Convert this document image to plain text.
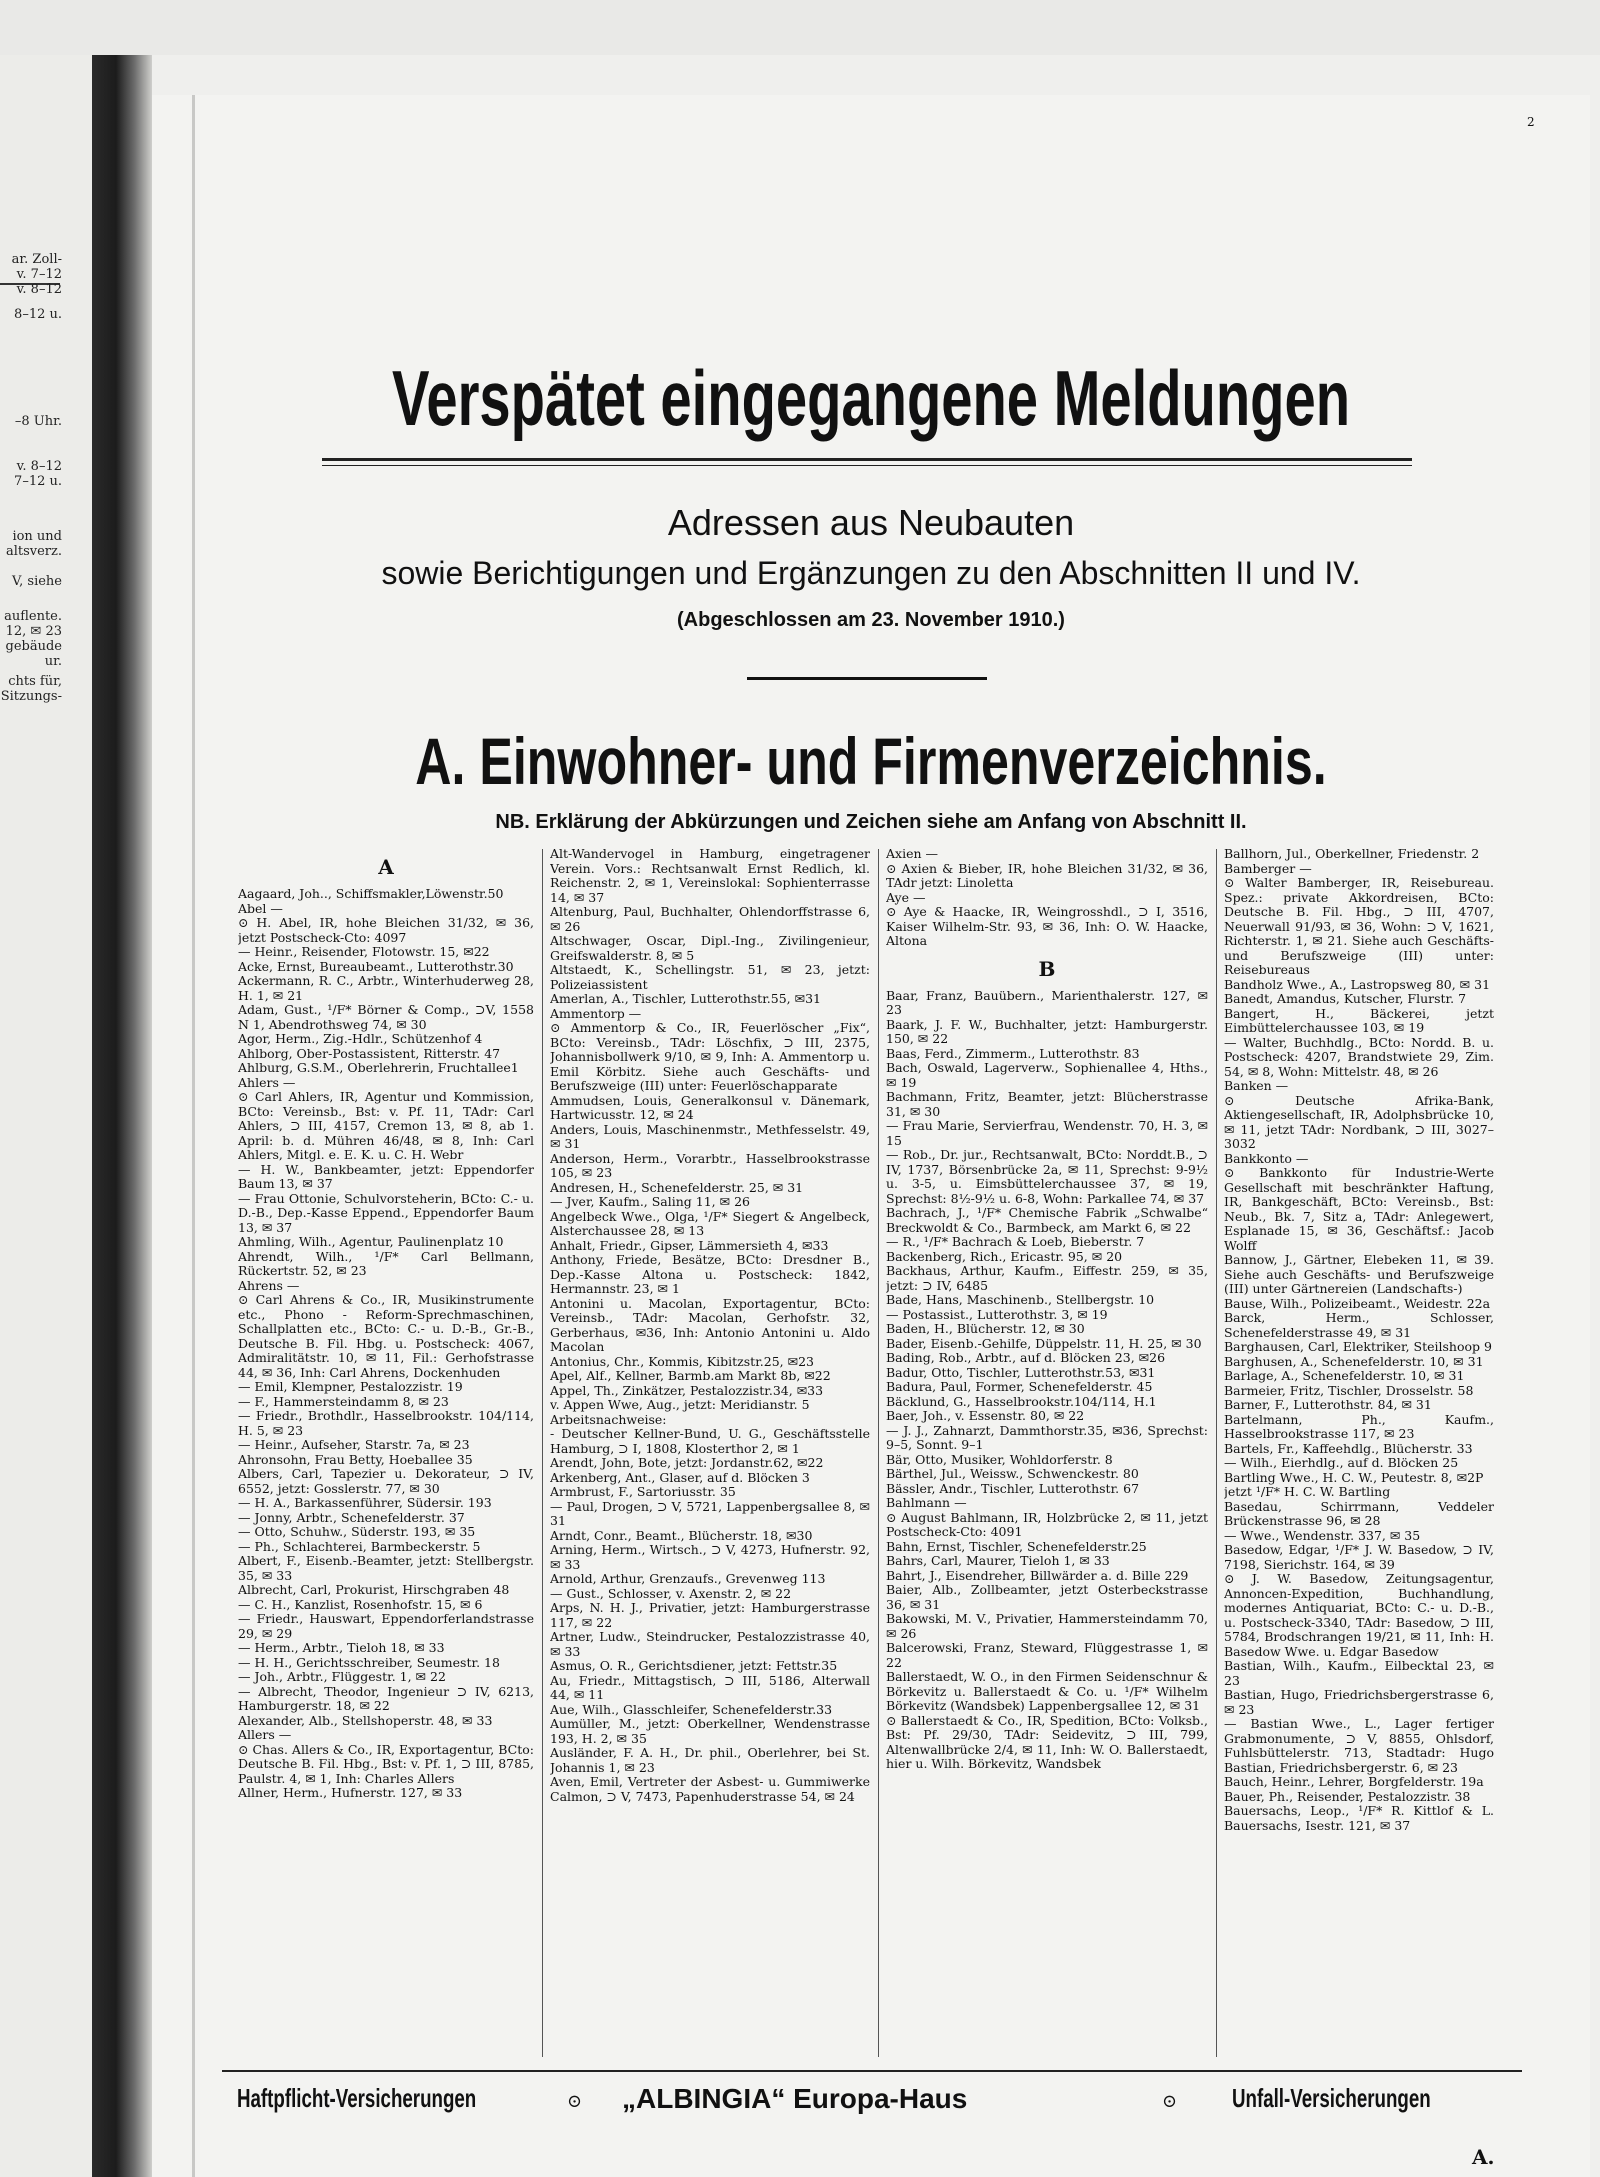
ar. Zoll-
v. 7–12
v. 8–12
8–12 u.
–8 Uhr.
v. 8–12
7–12 u.
ion und
altsverz.
V, siehe
auflente.
12, ✉ 23
gebäude
ur.
chts für,
Sitzungs-
2
Verspätet eingegangene Meldungen
Adressen aus Neubauten
sowie Berichtigungen und Ergänzungen zu den Abschnitten II und IV.
(Abgeschlossen am 23. November 1910.)
A. Einwohner- und Firmenverzeichnis.
NB. Erklärung der Abkürzungen und Zeichen siehe am Anfang von Abschnitt II.
A

Aagaard, Joh.., Schiffsmakler,Löwenstr.50

Abel —

⊙ H. Abel, IR, hohe Bleichen 31/32, ✉ 36, jetzt Postscheck-Cto: 4097

— Heinr., Reisender, Flotowstr. 15, ✉22

Acke, Ernst, Bureaubeamt., Lutterothstr.30

Ackermann, R. C., Arbtr., Winterhuderweg 28, H. 1, ✉ 21

Adam, Gust., ¹/F* Börner & Comp., ⊃V, 1558 N 1, Abendrothsweg 74, ✉ 30

Agor, Herm., Zig.-Hdlr., Schützenhof 4

Ahlborg, Ober-Postassistent, Ritterstr. 47

Ahlburg, G.S.M., Oberlehrerin, Fruchtallee1

Ahlers —

⊙ Carl Ahlers, IR, Agentur und Kommission, BCto: Vereinsb., Bst: v. Pf. 11, TAdr: Carl Ahlers, ⊃ III, 4157, Cremon 13, ✉ 8, ab 1. April: b. d. Mühren 46/48, ✉ 8, Inh: Carl Ahlers, Mitgl. e. E. K. u. C. H. Webr

— H. W., Bankbeamter, jetzt: Eppendorfer Baum 13, ✉ 37

— Frau Ottonie, Schulvorsteherin, BCto: C.- u. D.-B., Dep.-Kasse Eppend., Eppendorfer Baum 13, ✉ 37

Ahmling, Wilh., Agentur, Paulinenplatz 10

Ahrendt, Wilh., ¹/F* Carl Bellmann, Rückertstr. 52, ✉ 23

Ahrens —

⊙ Carl Ahrens & Co., IR, Musikinstrumente etc., Phono - Reform-Sprechmaschinen, Schallplatten etc., BCto: C.- u. D.-B., Gr.-B., Deutsche B. Fil. Hbg. u. Postscheck: 4067, Admiralitätstr. 10, ✉ 11, Fil.: Gerhofstrasse 44, ✉ 36, Inh: Carl Ahrens, Dockenhuden

— Emil, Klempner, Pestalozzistr. 19

— F., Hammersteindamm 8, ✉ 23

— Friedr., Brothdlr., Hasselbrookstr. 104/114, H. 5, ✉ 23

— Heinr., Aufseher, Starstr. 7a, ✉ 23

Ahronsohn, Frau Betty, Hoeballee 35

Albers, Carl, Tapezier u. Dekorateur, ⊃ IV, 6552, jetzt: Gosslerstr. 77, ✉ 30

— H. A., Barkassenführer, Südersir. 193

— Jonny, Arbtr., Schenefelderstr. 37

— Otto, Schuhw., Süderstr. 193, ✉ 35

— Ph., Schlachterei, Barmbeckerstr. 5

Albert, F., Eisenb.-Beamter, jetzt: Stellbergstr. 35, ✉ 33

Albrecht, Carl, Prokurist, Hirschgraben 48

— C. H., Kanzlist, Rosenhofstr. 15, ✉ 6

— Friedr., Hauswart, Eppendorferlandstrasse 29, ✉ 29

— Herm., Arbtr., Tieloh 18, ✉ 33

— H. H., Gerichtsschreiber, Seumestr. 18

— Joh., Arbtr., Flüggestr. 1, ✉ 22

— Albrecht, Theodor, Ingenieur ⊃ IV, 6213, Hamburgerstr. 18, ✉ 22

Alexander, Alb., Stellshoperstr. 48, ✉ 33

Allers —

⊙ Chas. Allers & Co., IR, Exportagentur, BCto: Deutsche B. Fil. Hbg., Bst: v. Pf. 1, ⊃ III, 8785, Paulstr. 4, ✉ 1, Inh: Charles Allers

Allner, Herm., Hufnerstr. 127, ✉ 33

Alt-Wandervogel in Hamburg, eingetragener Verein. Vors.: Rechtsanwalt Ernst Redlich, kl. Reichenstr. 2, ✉ 1, Vereinslokal: Sophienterrasse 14, ✉ 37

Altenburg, Paul, Buchhalter, Ohlendorffstrasse 6, ✉ 26

Altschwager, Oscar, Dipl.-Ing., Zivilingenieur, Greifswalderstr. 8, ✉ 5

Altstaedt, K., Schellingstr. 51, ✉ 23, jetzt: Polizeiassistent

Amerlan, A., Tischler, Lutterothstr.55, ✉31

Ammentorp —

⊙ Ammentorp & Co., IR, Feuerlöscher „Fix“, BCto: Vereinsb., TAdr: Löschfix, ⊃ III, 2375, Johannisbollwerk 9/10, ✉ 9, Inh: A. Ammentorp u. Emil Körbitz. Siehe auch Geschäfts- und Berufszweige (III) unter: Feuerlöschapparate

Ammudsen, Louis, Generalkonsul v. Dänemark, Hartwicusstr. 12, ✉ 24

Anders, Louis, Maschinenmstr., Methfesselstr. 49, ✉ 31

Anderson, Herm., Vorarbtr., Hasselbrookstrasse 105, ✉ 23

Andresen, H., Schenefelderstr. 25, ✉ 31

— Jver, Kaufm., Saling 11, ✉ 26

Angelbeck Wwe., Olga, ¹/F* Siegert & Angelbeck, Alsterchaussee 28, ✉ 13

Anhalt, Friedr., Gipser, Lämmersieth 4, ✉33

Anthony, Friede, Besätze, BCto: Dresdner B., Dep.-Kasse Altona u. Postscheck: 1842, Hermannstr. 23, ✉ 1

Antonini u. Macolan, Exportagentur, BCto: Vereinsb., TAdr: Macolan, Gerhofstr. 32, Gerberhaus, ✉36, Inh: Antonio Antonini u. Aldo Macolan

Antonius, Chr., Kommis, Kibitzstr.25, ✉23

Apel, Alf., Kellner, Barmb.am Markt 8b, ✉22

Appel, Th., Zinkätzer, Pestalozzistr.34, ✉33

v. Appen Wwe, Aug., jetzt: Meridianstr. 5

Arbeitsnachweise:

- Deutscher Kellner-Bund, U. G., Geschäftsstelle Hamburg, ⊃ I, 1808, Klosterthor 2, ✉ 1

Arendt, John, Bote, jetzt: Jordanstr.62, ✉22

Arkenberg, Ant., Glaser, auf d. Blöcken 3

Armbrust, F., Sartoriusstr. 35

— Paul, Drogen, ⊃ V, 5721, Lappenbergsallee 8, ✉ 31

Arndt, Conr., Beamt., Blücherstr. 18, ✉30

Arning, Herm., Wirtsch., ⊃ V, 4273, Hufnerstr. 92, ✉ 33

Arnold, Arthur, Grenzaufs., Grevenweg 113

— Gust., Schlosser, v. Axenstr. 2, ✉ 22

Arps, N. H. J., Privatier, jetzt: Hamburgerstrasse 117, ✉ 22

Artner, Ludw., Steindrucker, Pestalozzistrasse 40, ✉ 33

Asmus, O. R., Gerichtsdiener, jetzt: Fettstr.35

Au, Friedr., Mittagstisch, ⊃ III, 5186, Alterwall 44, ✉ 11

Aue, Wilh., Glasschleifer, Schenefelderstr.33

Aumüller, M., jetzt: Oberkellner, Wendenstrasse 193, H. 2, ✉ 35

Ausländer, F. A. H., Dr. phil., Oberlehrer, bei St. Johannis 1, ✉ 23

Aven, Emil, Vertreter der Asbest- u. Gummiwerke Calmon, ⊃ V, 7473, Papenhuderstrasse 54, ✉ 24

Axien —

⊙ Axien & Bieber, IR, hohe Bleichen 31/32, ✉ 36, TAdr jetzt: Linoletta

Aye —

⊙ Aye & Haacke, IR, Weingrosshdl., ⊃ I, 3516, Kaiser Wilhelm-Str. 93, ✉ 36, Inh: O. W. Haacke, Altona

B

Baar, Franz, Bauübern., Marienthalerstr. 127, ✉ 23

Baark, J. F. W., Buchhalter, jetzt: Hamburgerstr. 150, ✉ 22

Baas, Ferd., Zimmerm., Lutterothstr. 83

Bach, Oswald, Lagerverw., Sophienallee 4, Hths., ✉ 19

Bachmann, Fritz, Beamter, jetzt: Blücherstrasse 31, ✉ 30

— Frau Marie, Servierfrau, Wendenstr. 70, H. 3, ✉ 15

— Rob., Dr. jur., Rechtsanwalt, BCto: Norddt.B., ⊃ IV, 1737, Börsenbrücke 2a, ✉ 11, Sprechst: 9-9½ u. 3-5, u. Eimsbüttelerchaussee 37, ✉ 19, Sprechst: 8½-9½ u. 6-8, Wohn: Parkallee 74, ✉ 37

Bachrach, J., ¹/F* Chemische Fabrik „Schwalbe“ Breckwoldt & Co., Barmbeck, am Markt 6, ✉ 22

— R., ¹/F* Bachrach & Loeb, Bieberstr. 7

Backenberg, Rich., Ericastr. 95, ✉ 20

Backhaus, Arthur, Kaufm., Eiffestr. 259, ✉ 35, jetzt: ⊃ IV, 6485

Bade, Hans, Maschinenb., Stellbergstr. 10

— Postassist., Lutterothstr. 3, ✉ 19

Baden, H., Blücherstr. 12, ✉ 30

Bader, Eisenb.-Gehilfe, Düppelstr. 11, H. 25, ✉ 30

Bading, Rob., Arbtr., auf d. Blöcken 23, ✉26

Badur, Otto, Tischler, Lutterothstr.53, ✉31

Badura, Paul, Former, Schenefelderstr. 45

Bäcklund, G., Hasselbrookstr.104/114, H.1

Baer, Joh., v. Essenstr. 80, ✉ 22

— J. J., Zahnarzt, Dammthorstr.35, ✉36, Sprechst: 9–5, Sonnt. 9–1

Bär, Otto, Musiker, Wohldorferstr. 8

Bärthel, Jul., Weissw., Schwenckestr. 80

Bässler, Andr., Tischler, Lutterothstr. 67

Bahlmann —

⊙ August Bahlmann, IR, Holzbrücke 2, ✉ 11, jetzt Postscheck-Cto: 4091

Bahn, Ernst, Tischler, Schenefelderstr.25

Bahrs, Carl, Maurer, Tieloh 1, ✉ 33

Bahrt, J., Eisendreher, Billwärder a. d. Bille 229

Baier, Alb., Zollbeamter, jetzt Osterbeckstrasse 36, ✉ 31

Bakowski, M. V., Privatier, Hammersteindamm 70, ✉ 26

Balcerowski, Franz, Steward, Flüggestrasse 1, ✉ 22

Ballerstaedt, W. O., in den Firmen Seidenschnur & Börkevitz u. Ballerstaedt & Co. u. ¹/F* Wilhelm Börkevitz (Wandsbek) Lappenbergsallee 12, ✉ 31

⊙ Ballerstaedt & Co., IR, Spedition, BCto: Volksb., Bst: Pf. 29/30, TAdr: Seidevitz, ⊃ III, 799, Altenwallbrücke 2/4, ✉ 11, Inh: W. O. Ballerstaedt, hier u. Wilh. Börkevitz, Wandsbek

Ballhorn, Jul., Oberkellner, Friedenstr. 2

Bamberger —

⊙ Walter Bamberger, IR, Reisebureau. Spez.: private Akkordreisen, BCto: Deutsche B. Fil. Hbg., ⊃ III, 4707, Neuerwall 91/93, ✉ 36, Wohn: ⊃ V, 1621, Richterstr. 1, ✉ 21. Siehe auch Geschäfts- und Berufszweige (III) unter: Reisebureaus

Bandholz Wwe., A., Lastropsweg 80, ✉ 31

Banedt, Amandus, Kutscher, Flurstr. 7

Bangert, H., Bäckerei, jetzt Eimbüttelerchaussee 103, ✉ 19

— Walter, Buchhdlg., BCto: Nordd. B. u. Postscheck: 4207, Brandstwiete 29, Zim. 54, ✉ 8, Wohn: Mittelstr. 48, ✉ 26

Banken —

⊙ Deutsche Afrika-Bank, Aktiengesellschaft, IR, Adolphsbrücke 10, ✉ 11, jetzt TAdr: Nordbank, ⊃ III, 3027–3032

Bankkonto —

⊙ Bankkonto für Industrie-Werte Gesellschaft mit beschränkter Haftung, IR, Bankgeschäft, BCto: Vereinsb., Bst: Neub., Bk. 7, Sitz a, TAdr: Anlegewert, Esplanade 15, ✉ 36, Geschäftsf.: Jacob Wolff

Bannow, J., Gärtner, Elebeken 11, ✉ 39. Siehe auch Geschäfts- und Berufszweige (III) unter Gärtnereien (Landschafts-)

Bause, Wilh., Polizeibeamt., Weidestr. 22a

Barck, Herm., Schlosser, Schenefelderstrasse 49, ✉ 31

Barghausen, Carl, Elektriker, Steilshoop 9

Barghusen, A., Schenefelderstr. 10, ✉ 31

Barlage, A., Schenefelderstr. 10, ✉ 31

Barmeier, Fritz, Tischler, Drosselstr. 58

Barner, F., Lutterothstr. 84, ✉ 31

Bartelmann, Ph., Kaufm., Hasselbrookstrasse 117, ✉ 23

Bartels, Fr., Kaffeehdlg., Blücherstr. 33

— Wilh., Eierhdlg., auf d. Blöcken 25

Bartling Wwe., H. C. W., Peutestr. 8, ✉2P

jetzt ¹/F* H. C. W. Bartling

Basedau, Schirrmann, Veddeler Brückenstrasse 96, ✉ 28

— Wwe., Wendenstr. 337, ✉ 35

Basedow, Edgar, ¹/F* J. W. Basedow, ⊃ IV, 7198, Sierichstr. 164, ✉ 39

⊙ J. W. Basedow, Zeitungsagentur, Annoncen-Expedition, Buchhandlung, modernes Antiquariat, BCto: C.- u. D.-B., u. Postscheck-3340, TAdr: Basedow, ⊃ III, 5784, Brodschrangen 19/21, ✉ 11, Inh: H. Basedow Wwe. u. Edgar Basedow

Bastian, Wilh., Kaufm., Eilbecktal 23, ✉ 23

Bastian, Hugo, Friedrichsbergerstrasse 6, ✉ 23

— Bastian Wwe., L., Lager fertiger Grabmonumente, ⊃ V, 8855, Ohlsdorf, Fuhlsbüttelerstr. 713, Stadtadr: Hugo Bastian, Friedrichsbergerstr. 6, ✉ 23

Bauch, Heinr., Lehrer, Borgfelderstr. 19a

Bauer, Ph., Reisender, Pestalozzistr. 38

Bauersachs, Leop., ¹/F* R. Kittlof & L. Bauersachs, Isestr. 121, ✉ 37

Haftpflicht-Versicherungen	⊙ „ALBINGIA“ Europa-Haus	⊙ Unfall-Versicherungen
A.
